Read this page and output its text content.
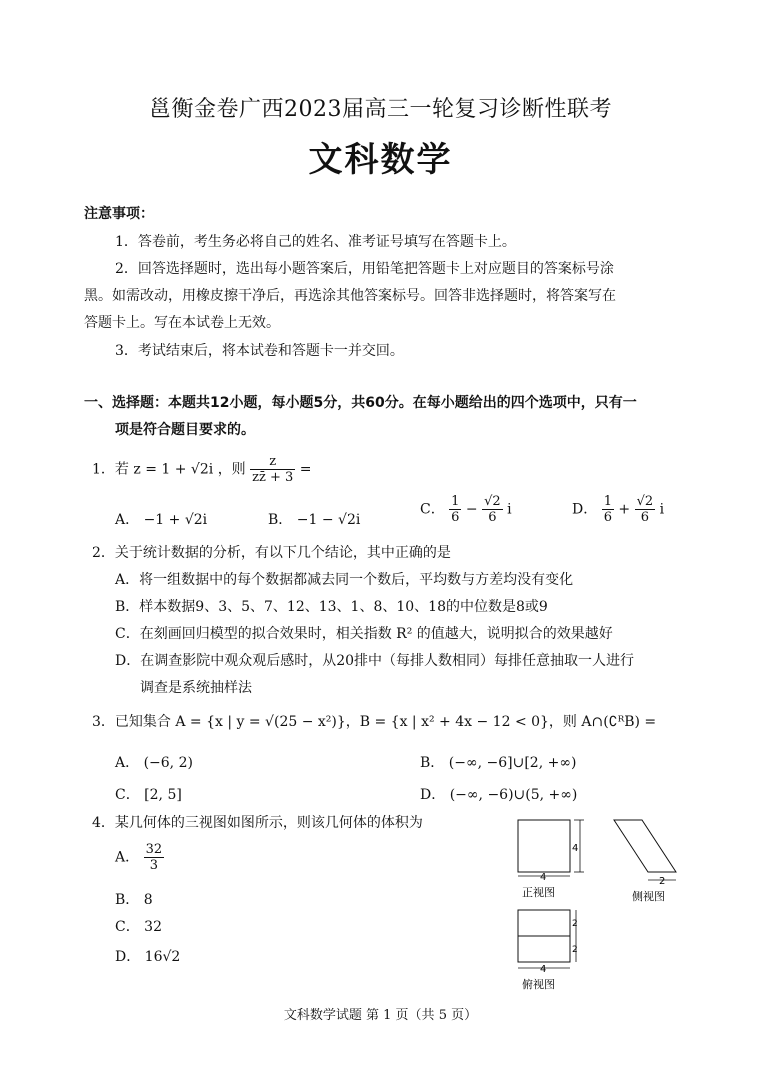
邕衡金卷广西2023届高三一轮复习诊断性联考
文科数学
注意事项：
1．答卷前，考生务必将自己的姓名、准考证号填写在答题卡上。
2．回答选择题时，选出每小题答案后，用铅笔把答题卡上对应题目的答案标号涂
黑。如需改动，用橡皮擦干净后，再选涂其他答案标号。回答非选择题时，将答案写在
答题卡上。写在本试卷上无效。
3．考试结束后，将本试卷和答题卡一并交回。
一、选择题：本题共12小题，每小题5分，共60分。在每小题给出的四个选项中，只有一
项是符合题目要求的。
1．若 z = 1 + √2i ，则 $\frac{z}{zz̄ + 3}$ =
A． −1 + √2i	B． −1 − √2i
C． $\frac{1}{6} - \frac{√2}{6}$ i	D． $\frac{1}{6} + \frac{√2}{6}$ i
2．关于统计数据的分析，有以下几个结论，其中正确的是
A．将一组数据中的每个数据都减去同一个数后，平均数与方差均没有变化
B．样本数据9、3、5、7、12、13、1、8、10、18的中位数是8或9
C．在刻画回归模型的拟合效果时，相关指数 R² 的值越大，说明拟合的效果越好
D．在调查影院中观众观后感时，从20排中（每排人数相同）每排任意抽取一人进行
调查是系统抽样法
3．已知集合 A = {x | y = √(25 − x²)}，B = {x | x² + 4x − 12 < 0}，则 A∩(∁ᴿB) =
A． (−6, 2)	B． (−∞, −6]∪[2, +∞)
C． [2, 5]	D． (−∞, −6)∪(5, +∞)
4．某几何体的三视图如图所示，则该几何体的体积为
A． $\frac{32}{3}$
B． 8
C． 32
D． 16√2
4
4
正视图
2
侧视图
2
2
4
俯视图
文科数学试题 第 1 页（共 5 页）
